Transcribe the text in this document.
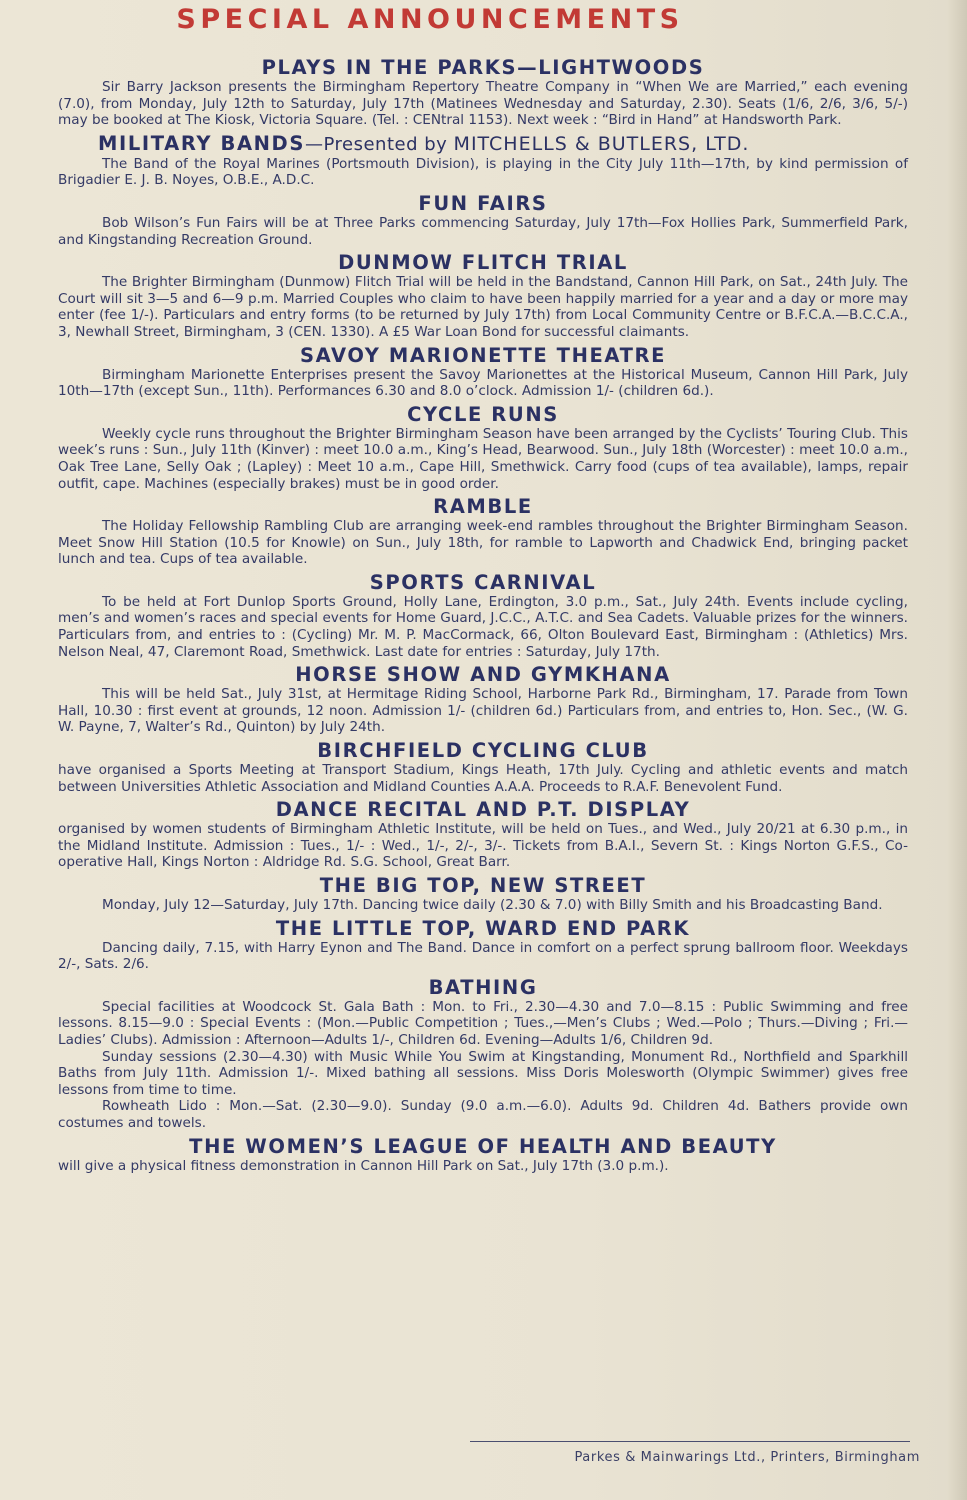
SPECIAL ANNOUNCEMENTS
PLAYS IN THE PARKS—LIGHTWOODS
Sir Barry Jackson presents the Birmingham Repertory Theatre Company in “When We are Married,” each evening (7.0), from Monday, July 12th to Saturday, July 17th (Matinees Wednesday and Saturday, 2.30). Seats (1/6, 2/6, 3/6, 5/-) may be booked at The Kiosk, Victoria Square. (Tel. : CENtral 1153). Next week : “Bird in Hand” at Handsworth Park.
MILITARY BANDS—Presented by MITCHELLS & BUTLERS, LTD.
The Band of the Royal Marines (Portsmouth Division), is playing in the City July 11th—17th, by kind permission of Brigadier E. J. B. Noyes, O.B.E., A.D.C.
FUN FAIRS
Bob Wilson’s Fun Fairs will be at Three Parks commencing Saturday, July 17th—Fox Hollies Park, Summerfield Park, and Kingstanding Recreation Ground.
DUNMOW FLITCH TRIAL
The Brighter Birmingham (Dunmow) Flitch Trial will be held in the Bandstand, Cannon Hill Park, on Sat., 24th July. The Court will sit 3—5 and 6—9 p.m. Married Couples who claim to have been happily married for a year and a day or more may enter (fee 1/-). Particulars and entry forms (to be returned by July 17th) from Local Community Centre or B.F.C.A.—B.C.C.A., 3, Newhall Street, Birmingham, 3 (CEN. 1330). A £5 War Loan Bond for successful claimants.
SAVOY MARIONETTE THEATRE
Birmingham Marionette Enterprises present the Savoy Marionettes at the Historical Museum, Cannon Hill Park, July 10th—17th (except Sun., 11th). Performances 6.30 and 8.0 o’clock. Admission 1/- (children 6d.).
CYCLE RUNS
Weekly cycle runs throughout the Brighter Birmingham Season have been arranged by the Cyclists’ Touring Club. This week’s runs : Sun., July 11th (Kinver) : meet 10.0 a.m., King’s Head, Bearwood. Sun., July 18th (Worcester) : meet 10.0 a.m., Oak Tree Lane, Selly Oak ; (Lapley) : Meet 10 a.m., Cape Hill, Smethwick. Carry food (cups of tea available), lamps, repair outfit, cape. Machines (especially brakes) must be in good order.
RAMBLE
The Holiday Fellowship Rambling Club are arranging week-end rambles throughout the Brighter Birmingham Season. Meet Snow Hill Station (10.5 for Knowle) on Sun., July 18th, for ramble to Lapworth and Chadwick End, bringing packet lunch and tea. Cups of tea available.
SPORTS CARNIVAL
To be held at Fort Dunlop Sports Ground, Holly Lane, Erdington, 3.0 p.m., Sat., July 24th. Events include cycling, men’s and women’s races and special events for Home Guard, J.C.C., A.T.C. and Sea Cadets. Valuable prizes for the winners. Particulars from, and entries to : (Cycling) Mr. M. P. MacCormack, 66, Olton Boulevard East, Birmingham : (Athletics) Mrs. Nelson Neal, 47, Claremont Road, Smethwick. Last date for entries : Saturday, July 17th.
HORSE SHOW AND GYMKHANA
This will be held Sat., July 31st, at Hermitage Riding School, Harborne Park Rd., Birmingham, 17. Parade from Town Hall, 10.30 : first event at grounds, 12 noon. Admission 1/- (children 6d.) Particulars from, and entries to, Hon. Sec., (W. G. W. Payne, 7, Walter’s Rd., Quinton) by July 24th.
BIRCHFIELD CYCLING CLUB
have organised a Sports Meeting at Transport Stadium, Kings Heath, 17th July. Cycling and athletic events and match between Universities Athletic Association and Midland Counties A.A.A. Proceeds to R.A.F. Benevolent Fund.
DANCE RECITAL AND P.T. DISPLAY
organised by women students of Birmingham Athletic Institute, will be held on Tues., and Wed., July 20/21 at 6.30 p.m., in the Midland Institute. Admission : Tues., 1/- : Wed., 1/-, 2/-, 3/-. Tickets from B.A.I., Severn St. : Kings Norton G.F.S., Co-operative Hall, Kings Norton : Aldridge Rd. S.G. School, Great Barr.
THE BIG TOP, NEW STREET
Monday, July 12—Saturday, July 17th. Dancing twice daily (2.30 & 7.0) with Billy Smith and his Broadcasting Band.
THE LITTLE TOP, WARD END PARK
Dancing daily, 7.15, with Harry Eynon and The Band. Dance in comfort on a perfect sprung ballroom floor. Weekdays 2/-, Sats. 2/6.
BATHING

Special facilities at Woodcock St. Gala Bath : Mon. to Fri., 2.30—4.30 and 7.0—8.15 : Public Swimming and free lessons. 8.15—9.0 : Special Events : (Mon.—Public Competition ; Tues.,—Men’s Clubs ; Wed.—Polo ; Thurs.—Diving ; Fri.—Ladies’ Clubs). Admission : Afternoon—Adults 1/-, Children 6d. Evening—Adults 1/6, Children 9d.

Sunday sessions (2.30—4.30) with Music While You Swim at Kingstanding, Monument Rd., Northfield and Sparkhill Baths from July 11th. Admission 1/-. Mixed bathing all sessions. Miss Doris Molesworth (Olympic Swimmer) gives free lessons from time to time.

Rowheath Lido : Mon.—Sat. (2.30—9.0). Sunday (9.0 a.m.—6.0). Adults 9d. Children 4d. Bathers provide own costumes and towels.

THE WOMEN’S LEAGUE OF HEALTH AND BEAUTY
will give a physical fitness demonstration in Cannon Hill Park on Sat., July 17th (3.0 p.m.).
Parkes & Mainwarings Ltd., Printers, Birmingham
